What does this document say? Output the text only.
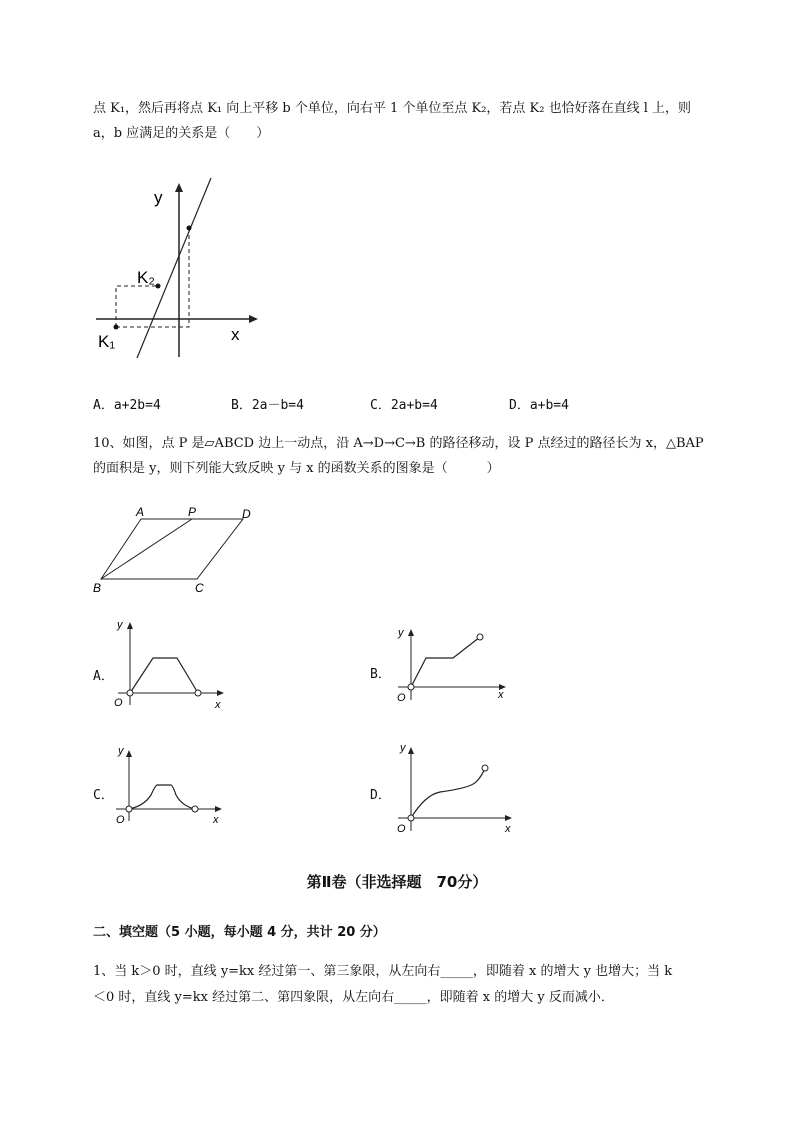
点 K₁，然后再将点 K₁ 向上平移 b 个单位，向右平 1 个单位至点 K₂，若点 K₂ 也恰好落在直线 l 上，则
a，b 应满足的关系是（　　）
y
x
K₁
K₂
A．a+2b=4	B．2a－b=4	C．2a+b=4	D．a+b=4
10、如图，点 P 是▱ABCD 边上一动点，沿 A→D→C→B 的路径移动，设 P 点经过的路径长为 x，△BAP
的面积是 y，则下列能大致反映 y 与 x 的函数关系的图象是（　　　）
A	P	D
B	C
A．	B．
C．	D．
y
x
O
y
x
O
y
x
O
y
x
O
第Ⅱ卷（非选择题　70分）
二、填空题（5 小题，每小题 4 分，共计 20 分）
1、当 k＞0 时，直线 y=kx 经过第一、第三象限，从左向右_____，即随着 x 的增大 y 也增大；当 k
＜0 时，直线 y=kx 经过第二、第四象限，从左向右_____，即随着 x 的增大 y 反而减小．
